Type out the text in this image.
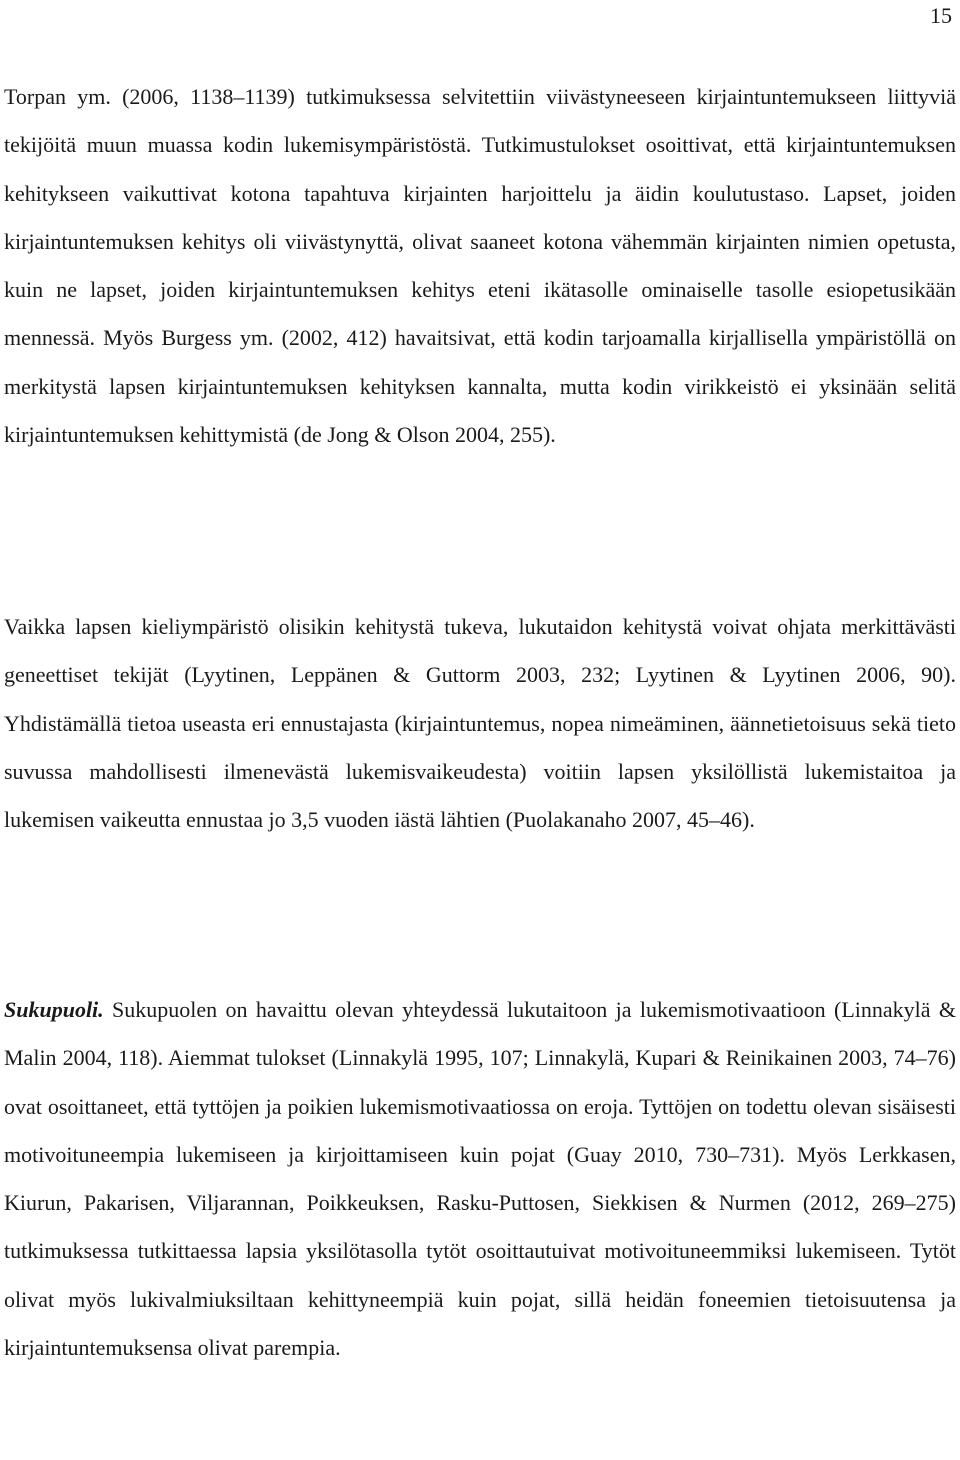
15

Torpan ym. (2006, 1138–1139) tutkimuksessa selvitettiin viivästyneeseen kirjaintuntemukseen liittyviä tekijöitä muun muassa kodin lukemisympäristöstä. Tutkimustulokset osoittivat, että kirjaintuntemuksen kehitykseen vaikuttivat kotona tapahtuva kirjainten harjoittelu ja äidin koulutustaso. Lapset, joiden kirjaintuntemuksen kehitys oli viivästynyttä, olivat saaneet kotona vähemmän kirjainten nimien opetusta, kuin ne lapset, joiden kirjaintuntemuksen kehitys eteni ikätasolle ominaiselle tasolle esiopetusikään mennessä. Myös Burgess ym. (2002, 412) havaitsivat, että kodin tarjoamalla kirjallisella ympäristöllä on merkitystä lapsen kirjaintuntemuksen kehityksen kannalta, mutta kodin virikkeistö ei yksinään selitä kirjaintuntemuksen kehittymistä (de Jong & Olson 2004, 255).

Vaikka lapsen kieliympäristö olisikin kehitystä tukeva, lukutaidon kehitystä voivat ohjata merkittävästi geneettiset tekijät (Lyytinen, Leppänen & Guttorm 2003, 232; Lyytinen & Lyytinen 2006, 90). Yhdistämällä tietoa useasta eri ennustajasta (kirjaintuntemus, nopea nimeäminen, äännetietoisuus sekä tieto suvussa mahdollisesti ilmenevästä lukemisvaikeudesta) voitiin lapsen yksilöllistä lukemistaitoa ja lukemisen vaikeutta ennustaa jo 3,5 vuoden iästä lähtien (Puolakanaho 2007, 45–46).

Sukupuoli. Sukupuolen on havaittu olevan yhteydessä lukutaitoon ja lukemismotivaatioon (Linnakylä & Malin 2004, 118). Aiemmat tulokset (Linnakylä 1995, 107; Linnakylä, Kupari & Reinikainen 2003, 74–76) ovat osoittaneet, että tyttöjen ja poikien lukemismotivaatiossa on eroja. Tyttöjen on todettu olevan sisäisesti motivoituneempia lukemiseen ja kirjoittamiseen kuin pojat (Guay 2010, 730–731). Myös Lerkkasen, Kiurun, Pakarisen, Viljarannan, Poikkeuksen, Rasku-Puttosen, Siekkisen & Nurmen (2012, 269–275) tutkimuksessa tutkittaessa lapsia yksilötasolla tytöt osoittautuivat motivoituneemmiksi lukemiseen. Tytöt olivat myös lukivalmiuksiltaan kehittyneempiä kuin pojat, sillä heidän foneemien tietoisuutensa ja kirjaintuntemuksensa olivat parempia.
